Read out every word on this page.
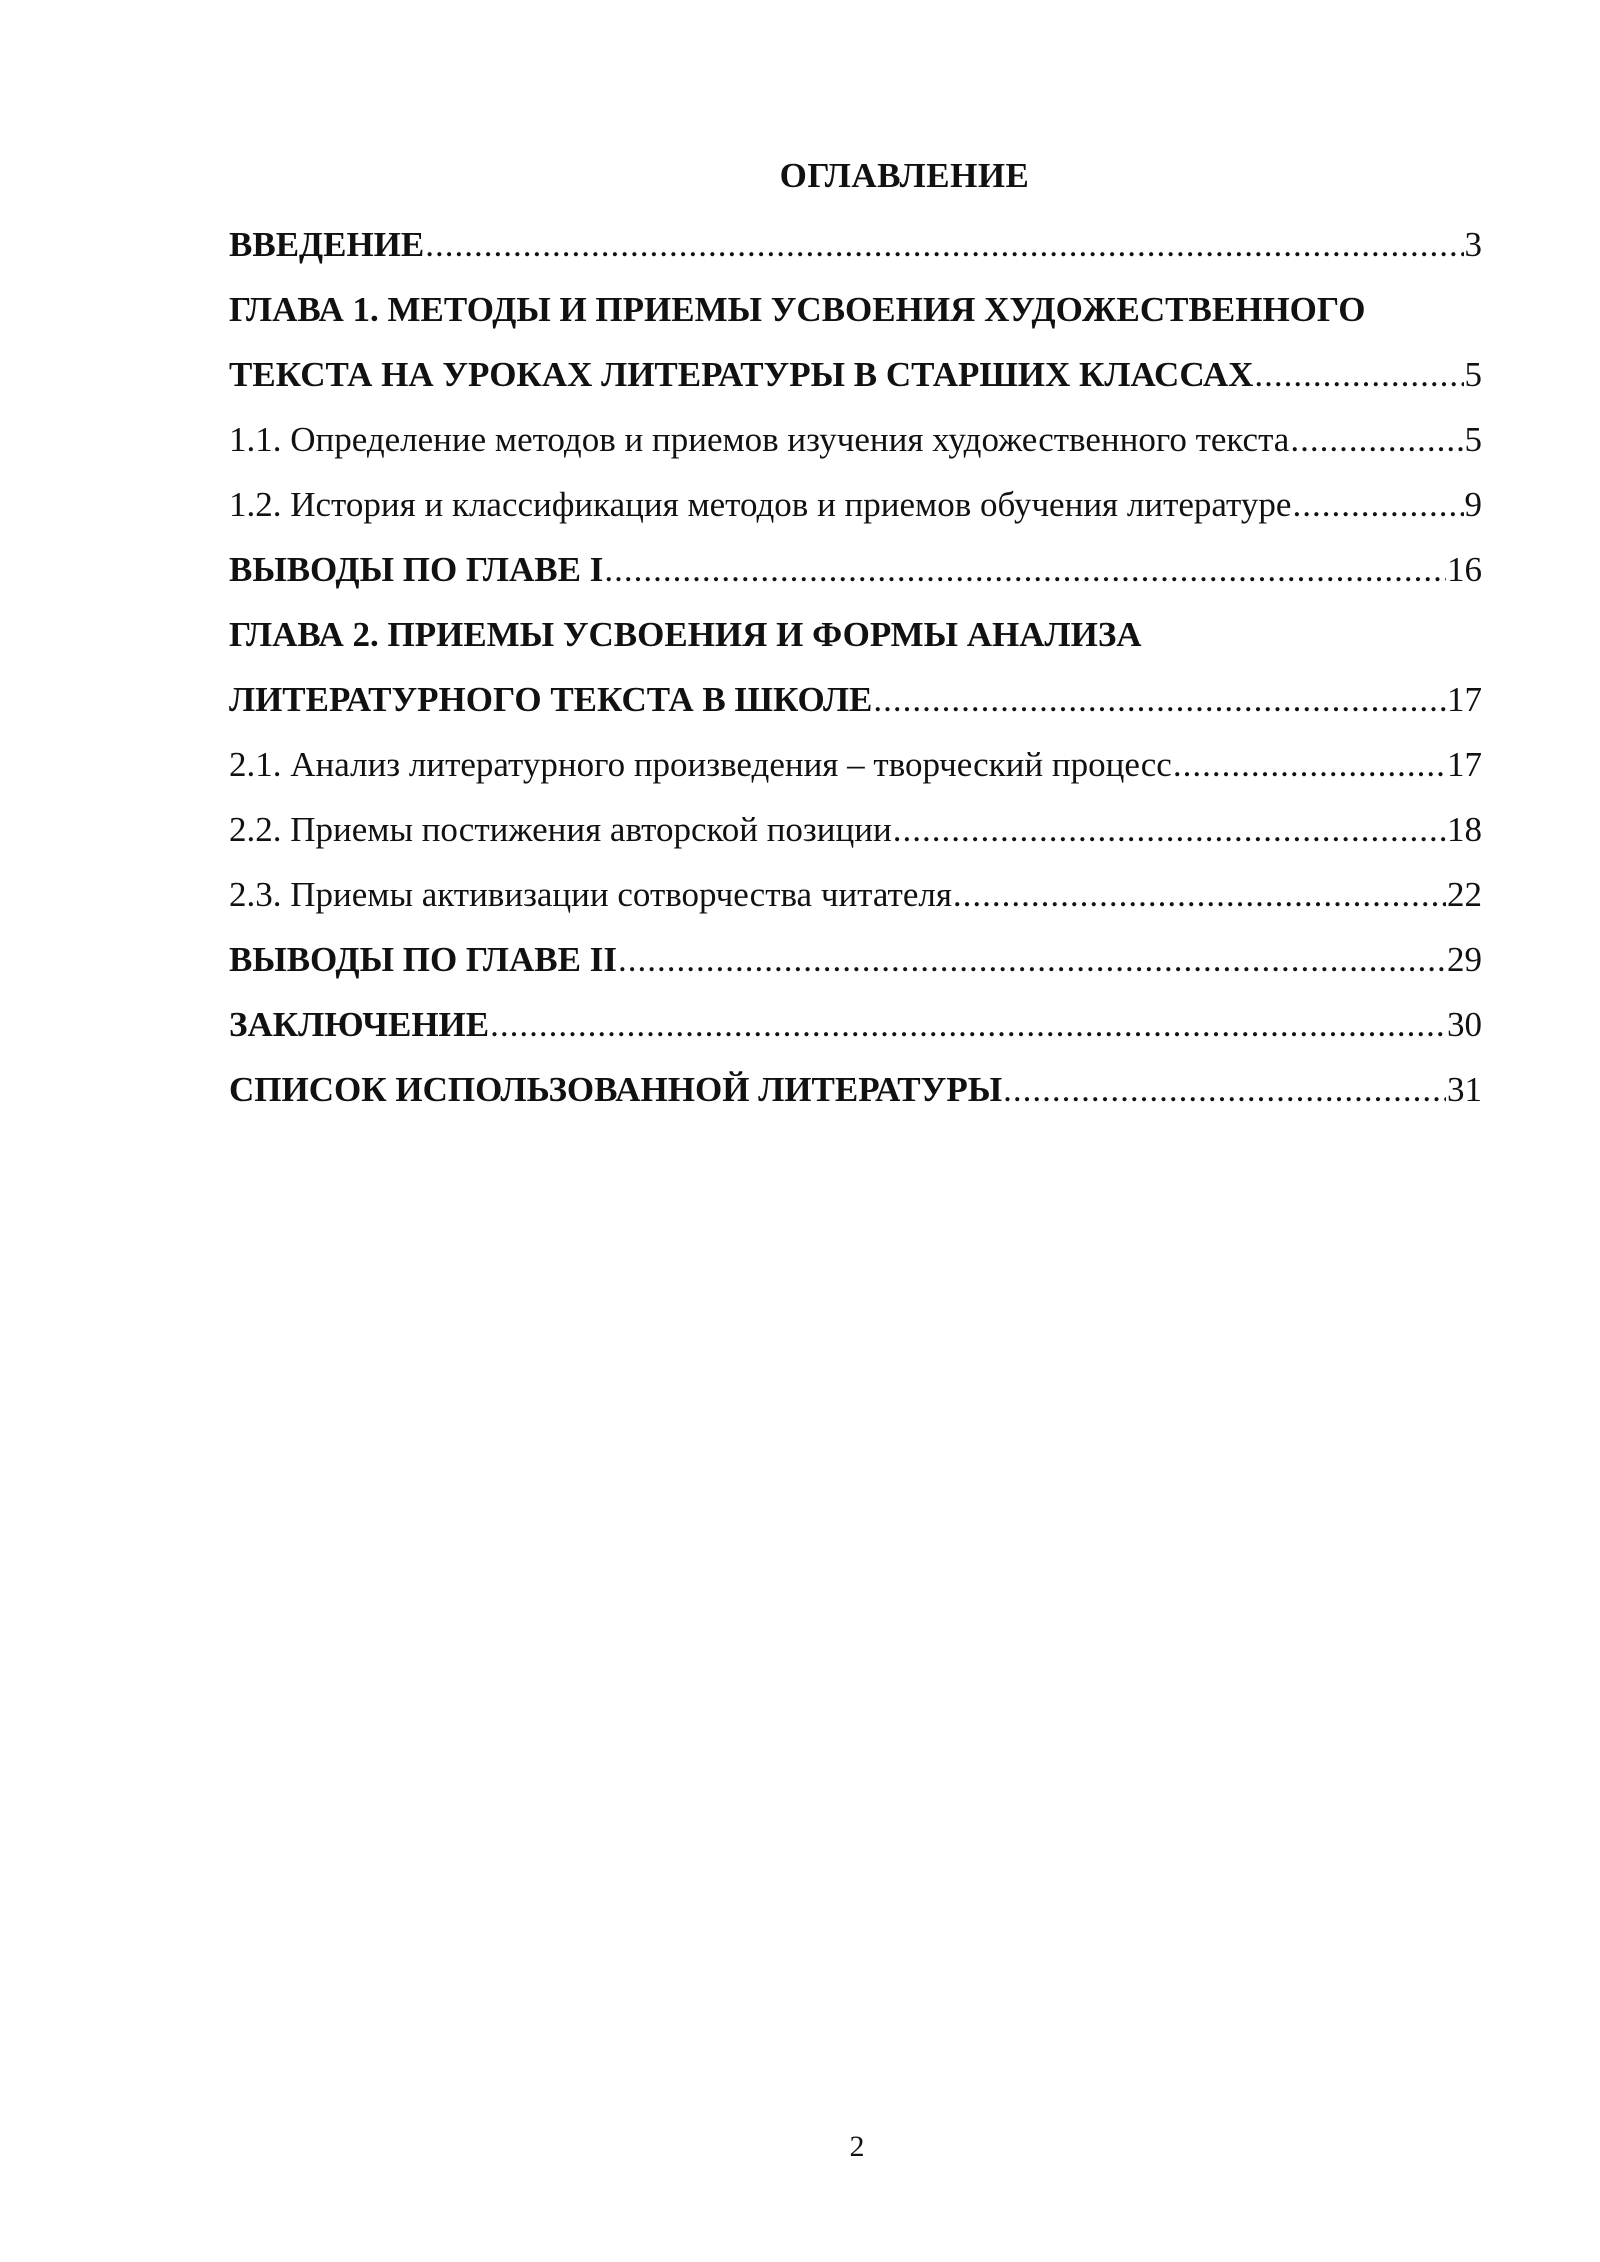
ОГЛАВЛЕНИЕ
ВВЕДЕНИЕ .....	3
ГЛАВА 1. МЕТОДЫ И ПРИЕМЫ УСВОЕНИЯ ХУДОЖЕСТВЕННОГО
ТЕКСТА НА УРОКАХ ЛИТЕРАТУРЫ В СТАРШИХ КЛАССАХ .....	5
1.1. Определение методов и приемов изучения художественного текста .....	5
1.2. История и классификация методов и приемов обучения литературе .....	9
ВЫВОДЫ ПО ГЛАВЕ I .....	16
ГЛАВА 2. ПРИЕМЫ УСВОЕНИЯ И ФОРМЫ АНАЛИЗА
ЛИТЕРАТУРНОГО ТЕКСТА В ШКОЛЕ .....	17
2.1. Анализ литературного произведения – творческий процесс .....	17
2.2. Приемы постижения авторской позиции .....	18
2.3. Приемы активизации сотворчества читателя .....	22
ВЫВОДЫ ПО ГЛАВЕ II .....	29
ЗАКЛЮЧЕНИЕ .....	30
СПИСОК ИСПОЛЬЗОВАННОЙ ЛИТЕРАТУРЫ .....	31
2
